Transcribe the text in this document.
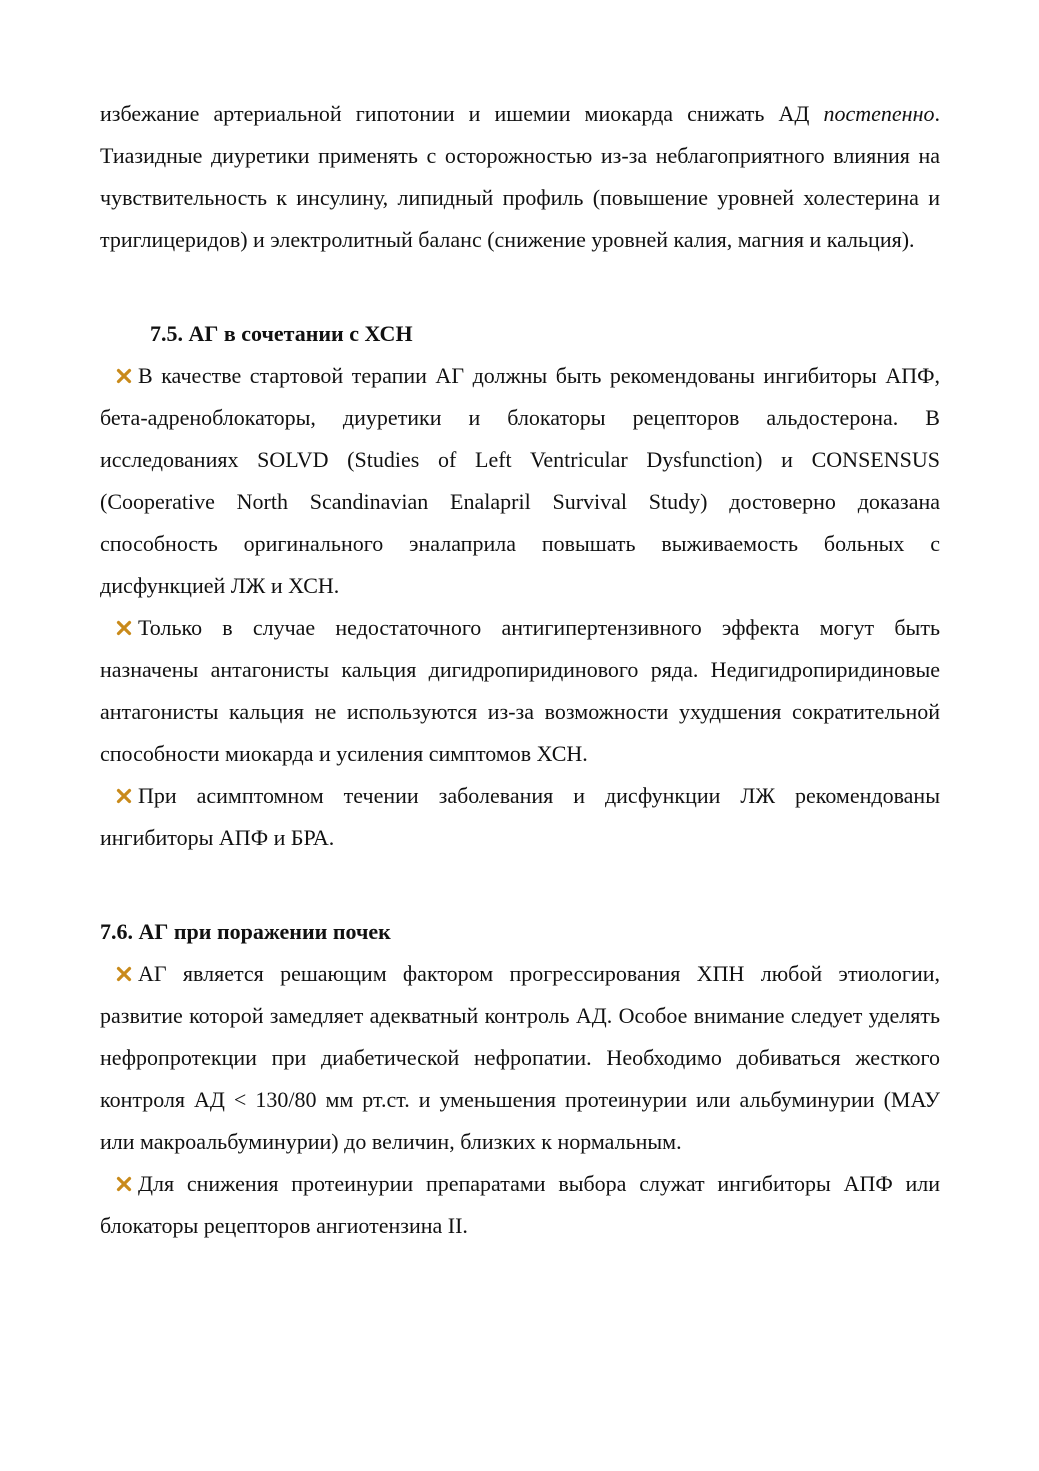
избежание артериальной гипотонии и ишемии миокарда снижать АД постепенно. Тиазидные диуретики применять с осторожностью из-за неблагоприятного влияния на чувствительность к инсулину, липидный профиль (повышение уровней холестерина и триглицеридов) и электролитный баланс (снижение уровней калия, магния и кальция).

7.5. АГ в сочетании с ХСН

В качестве стартовой терапии АГ должны быть рекомендованы ингибиторы АПФ, бета-адреноблокаторы, диуретики и блокаторы рецепторов альдостерона. В исследованиях SOLVD (Studies of Left Ventricular Dysfunction) и CONSENSUS (Cooperative North Scandinavian Enalapril Survival Study) достоверно доказана способность оригинального эналаприла повышать выживаемость больных с дисфункцией ЛЖ и ХСН.

Только в случае недостаточного антигипертензивного эффекта могут быть назначены антагонисты кальция дигидропиридинового ряда. Недигидропиридиновые антагонисты кальция не используются из-за возможности ухудшения сократительной способности миокарда и усиления симптомов ХСН.

При асимптомном течении заболевания и дисфункции ЛЖ рекомендованы ингибиторы АПФ и БРА.

7.6. АГ при поражении почек

АГ является решающим фактором прогрессирования ХПН любой этиологии, развитие которой замедляет адекватный контроль АД. Особое внимание следует уделять нефропротекции при диабетической нефропатии. Необходимо добиваться жесткого контроля АД < 130/80 мм рт.ст. и уменьшения протеинурии или альбуминурии (МАУ или макроальбуминурии) до величин, близких к нормальным.

Для снижения протеинурии препаратами выбора служат ингибиторы АПФ или блокаторы рецепторов ангиотензина II.
